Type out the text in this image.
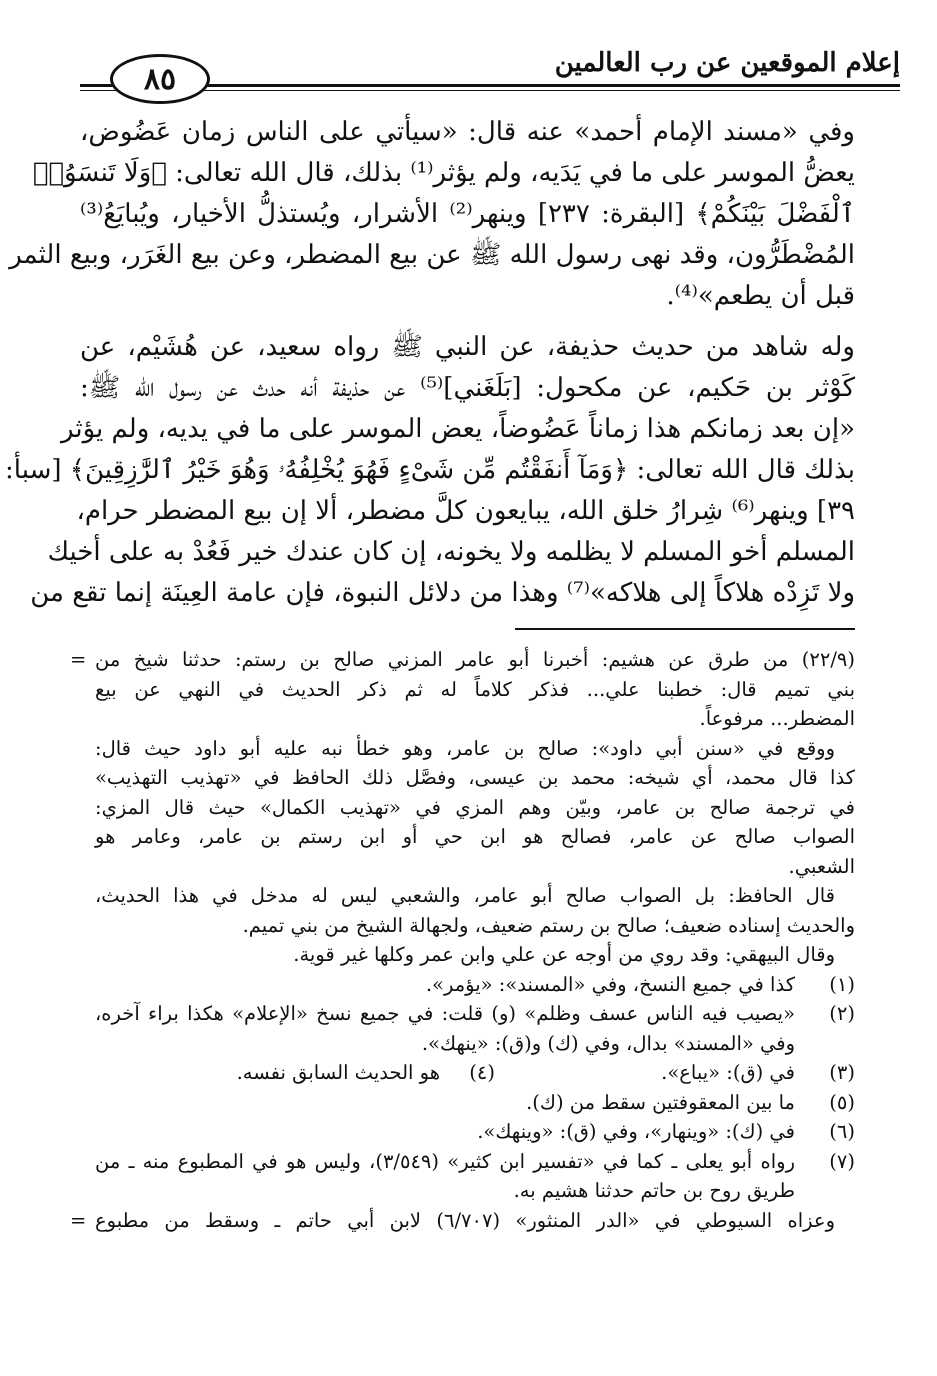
إعلام الموقعين عن رب العالمين
٨٥
وفي «مسند الإمام أحمد» عنه قال: «سيأتي على الناس زمان عَضُوض،
يعضُّ الموسر على ما في يَدَيه، ولم يؤثر⁽¹⁾ بذلك، قال الله تعالى: ﴿وَلَا تَنسَوُا۟
ٱلْفَضْلَ بَيْنَكُمْ﴾ [البقرة: ٢٣٧] وينهر⁽²⁾ الأشرار، ويُستذلُّ الأخيار، ويُبايَعُ⁽³⁾
المُضْطَرُّون، وقد نهى رسول الله ﷺ عن بيع المضطر، وعن بيع الغَرَر، وبيع الثمر
قبل أن يطعم»⁽⁴⁾.
وله شاهد من حديث حذيفة، عن النبي ﷺ رواه سعيد، عن هُشَيْم، عن
كَوْثر بن حَكيم، عن مكحول: [بَلَغَني]⁽⁵⁾ عن حذيفة أنه حدث عن رسول الله ﷺ:
«إن بعد زمانكم هذا زماناً عَضُوضاً، يعض الموسر على ما في يديه، ولم يؤثر
بذلك قال الله تعالى: ﴿وَمَآ أَنفَقْتُم مِّن شَىْءٍ فَهُوَ يُخْلِفُهُۥ وَهُوَ خَيْرُ ٱلرَّٰزِقِينَ﴾ [سبأ:
٣٩] وينهر⁽⁶⁾ شِرارُ خلق الله، يبايعون كلَّ مضطر، ألا إن بيع المضطر حرام،
المسلم أخو المسلم لا يظلمه ولا يخونه، إن كان عندك خير فَعُدْ به على أخيك
ولا تَزِدْه هلاكاً إلى هلاكه»⁽⁷⁾ وهذا من دلائل النبوة، فإن عامة العِينَة إنما تقع من
(٢٢/٩) من طرق عن هشيم: أخبرنا أبو عامر المزني صالح بن رستم: حدثنا شيخ من
=
بني تميم قال: خطبنا علي... فذكر كلاماً له ثم ذكر الحديث في النهي عن بيع
المضطر... مرفوعاً.
ووقع في «سنن أبي داود»: صالح بن عامر، وهو خطأ نبه عليه أبو داود حيث قال:
كذا قال محمد، أي شيخه: محمد بن عيسى، وفصَّل ذلك الحافظ في «تهذيب التهذيب»
في ترجمة صالح بن عامر، وبيّن وهم المزي في «تهذيب الكمال» حيث قال المزي:
الصواب صالح عن عامر، فصالح هو ابن حي أو ابن رستم بن عامر، وعامر هو
الشعبي.
قال الحافظ: بل الصواب صالح أبو عامر، والشعبي ليس له مدخل في هذا الحديث،
والحديث إسناده ضعيف؛ صالح بن رستم ضعيف، ولجهالة الشيخ من بني تميم.
وقال البيهقي: وقد روي من أوجه عن علي وابن عمر وكلها غير قوية.
(١)
كذا في جميع النسخ، وفي «المسند»: «يؤمر».
(٢)
«يصيب فيه الناس عسف وظلم» (و) قلت: في جميع نسخ «الإعلام» هكذا براء آخره،
وفي «المسند» بدال، وفي (ك) و(ق): «ينهك».
(٣)
في (ق): «يباع».
(٤)
هو الحديث السابق نفسه.
(٥)
ما بين المعقوفتين سقط من (ك).
(٦)
في (ك): «وينهار»، وفي (ق): «وينهك».
(٧)
رواه أبو يعلى ـ كما في «تفسير ابن كثير» (٣/٥٤٩)، وليس هو في المطبوع منه ـ من
طريق روح بن حاتم حدثنا هشيم به.
وعزاه السيوطي في «الدر المنثور» (٦/٧٠٧) لابن أبي حاتم ـ وسقط من مطبوع
=
